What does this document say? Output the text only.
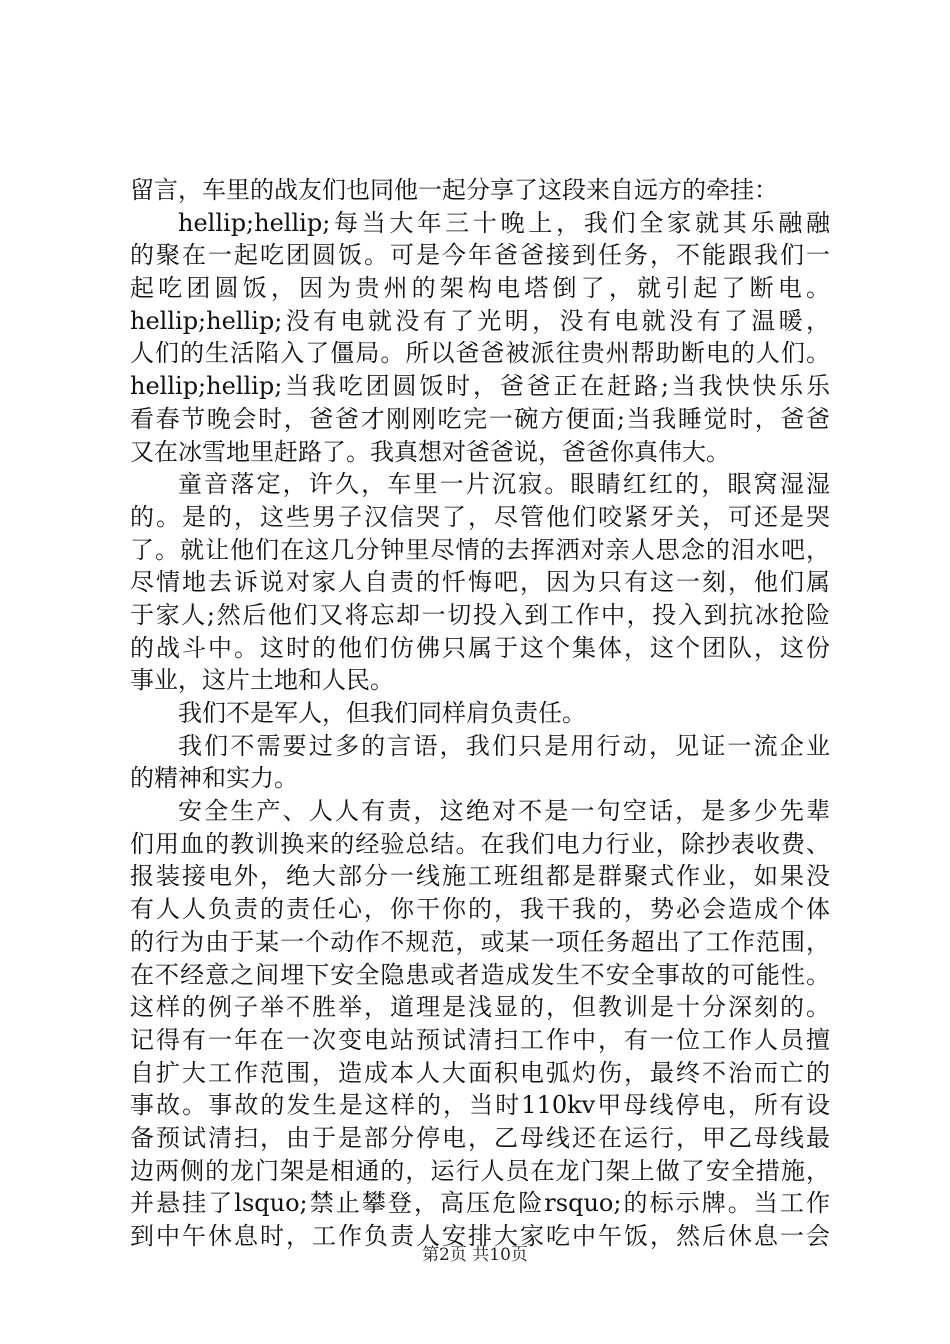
留言，车里的战友们也同他一起分享了这段来自远方的牵挂：
hellip;hellip;每当大年三十晚上，我们全家就其乐融融
的聚在一起吃团圆饭。可是今年爸爸接到任务，不能跟我们一
起吃团圆饭，因为贵州的架构电塔倒了，就引起了断电。
hellip;hellip;没有电就没有了光明，没有电就没有了温暖，
人们的生活陷入了僵局。所以爸爸被派往贵州帮助断电的人们。
hellip;hellip;当我吃团圆饭时，爸爸正在赶路;当我快快乐乐
看春节晚会时，爸爸才刚刚吃完一碗方便面;当我睡觉时，爸爸
又在冰雪地里赶路了。我真想对爸爸说，爸爸你真伟大。
童音落定，许久，车里一片沉寂。眼睛红红的，眼窝湿湿
的。是的，这些男子汉信哭了，尽管他们咬紧牙关，可还是哭
了。就让他们在这几分钟里尽情的去挥洒对亲人思念的泪水吧，
尽情地去诉说对家人自责的忏悔吧，因为只有这一刻，他们属
于家人;然后他们又将忘却一切投入到工作中，投入到抗冰抢险
的战斗中。这时的他们仿佛只属于这个集体，这个团队，这份
事业，这片土地和人民。
我们不是军人，但我们同样肩负责任。
我们不需要过多的言语，我们只是用行动，见证一流企业
的精神和实力。
安全生产、人人有责，这绝对不是一句空话，是多少先辈
们用血的教训换来的经验总结。在我们电力行业，除抄表收费、
报装接电外，绝大部分一线施工班组都是群聚式作业，如果没
有人人负责的责任心，你干你的，我干我的，势必会造成个体
的行为由于某一个动作不规范，或某一项任务超出了工作范围，
在不经意之间埋下安全隐患或者造成发生不安全事故的可能性。
这样的例子举不胜举，道理是浅显的，但教训是十分深刻的。
记得有一年在一次变电站预试清扫工作中，有一位工作人员擅
自扩大工作范围，造成本人大面积电弧灼伤，最终不治而亡的
事故。事故的发生是这样的，当时110kv甲母线停电，所有设
备预试清扫，由于是部分停电，乙母线还在运行，甲乙母线最
边两侧的龙门架是相通的，运行人员在龙门架上做了安全措施，
并悬挂了lsquo;禁止攀登，高压危险rsquo;的标示牌。当工作
到中午休息时，工作负责人安排大家吃中午饭，然后休息一会
第2页 共10页
